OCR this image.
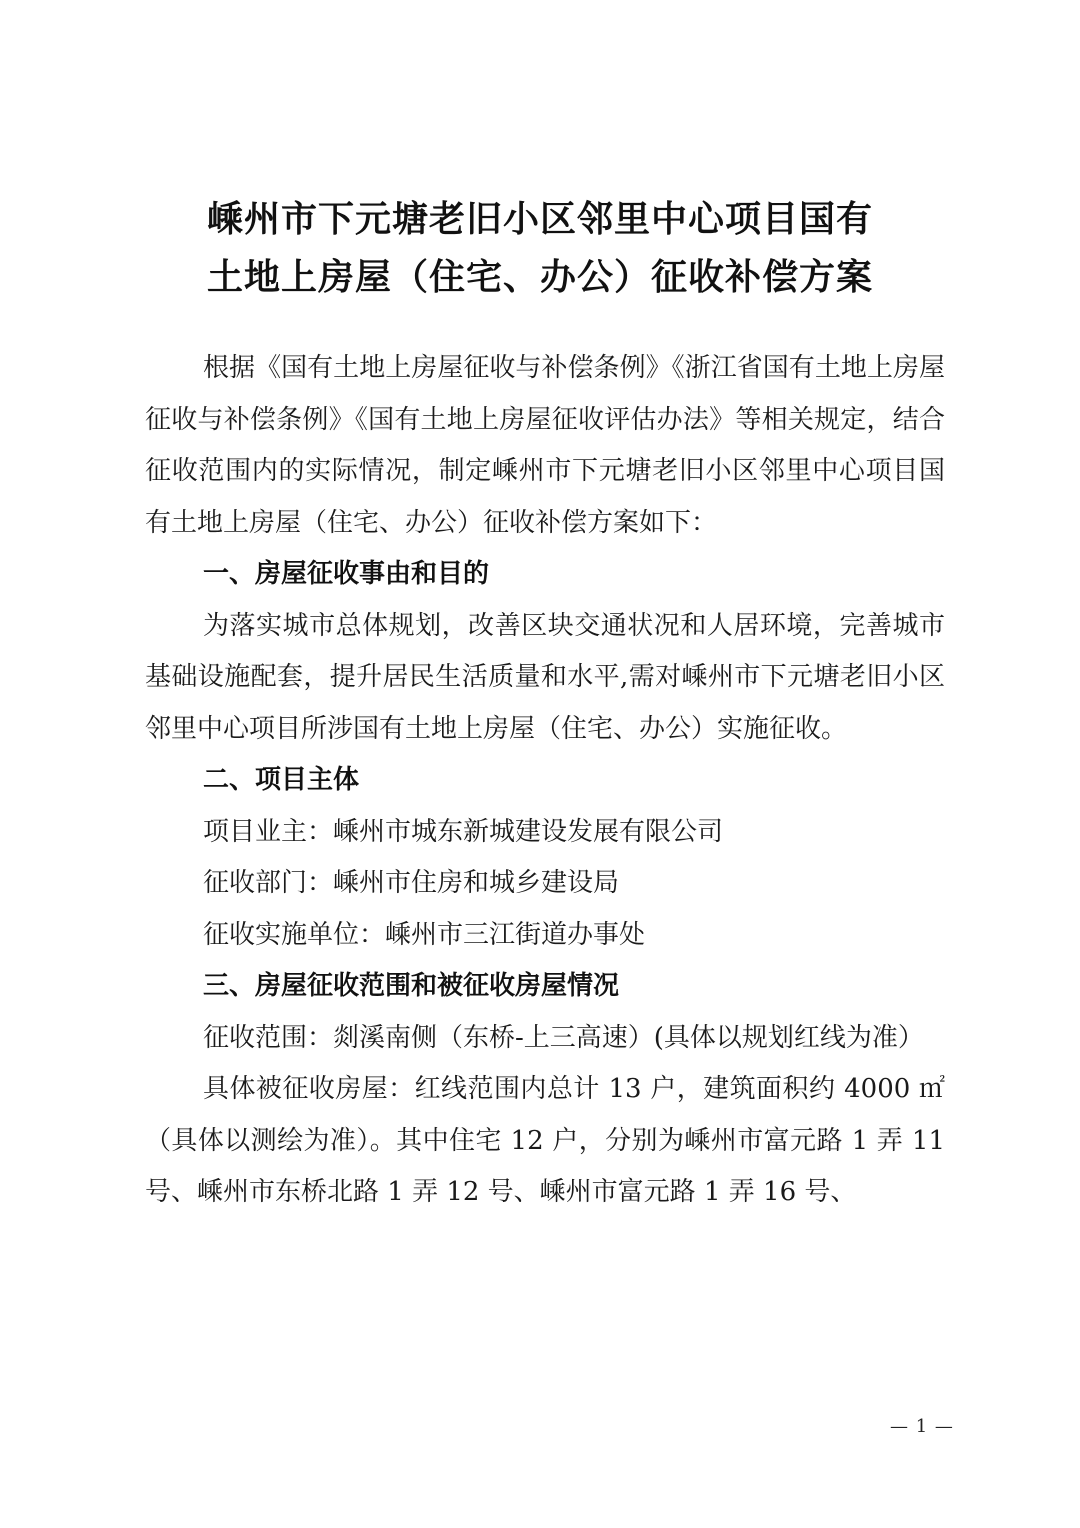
嵊州市下元塘老旧小区邻里中心项目国有
土地上房屋（住宅、办公）征收补偿方案

根据《国有土地上房屋征收与补偿条例》《浙江省国有土地上房屋征收与补偿条例》《国有土地上房屋征收评估办法》等相关规定，结合征收范围内的实际情况，制定嵊州市下元塘老旧小区邻里中心项目国有土地上房屋（住宅、办公）征收补偿方案如下：

一、房屋征收事由和目的

为落实城市总体规划，改善区块交通状况和人居环境，完善城市基础设施配套，提升居民生活质量和水平,需对嵊州市下元塘老旧小区邻里中心项目所涉国有土地上房屋（住宅、办公）实施征收。

二、项目主体

项目业主：嵊州市城东新城建设发展有限公司

征收部门：嵊州市住房和城乡建设局

征收实施单位：嵊州市三江街道办事处

三、房屋征收范围和被征收房屋情况

征收范围：剡溪南侧（东桥-上三高速）(具体以规划红线为准）

具体被征收房屋：红线范围内总计 13 户，建筑面积约 4000 ㎡（具体以测绘为准）。其中住宅 12 户，分别为嵊州市富元路 1 弄 11 号、嵊州市东桥北路 1 弄 12 号、嵊州市富元路 1 弄 16 号、

— 1 —
